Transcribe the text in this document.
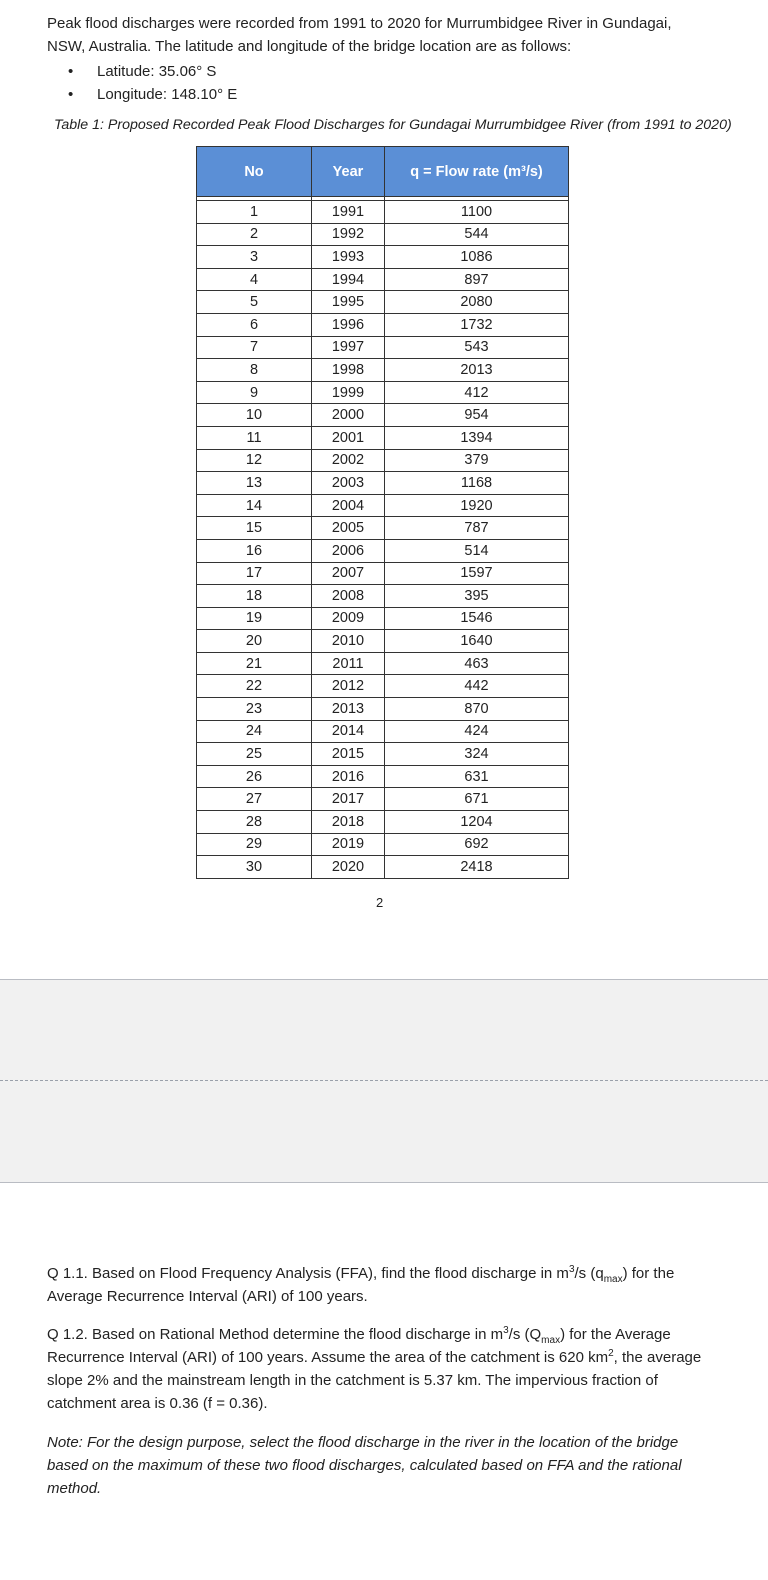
Peak flood discharges were recorded from 1991 to 2020 for Murrumbidgee River in Gundagai, NSW, Australia. The latitude and longitude of the bridge location are as follows:

• Latitude: 35.06° S
• Longitude: 148.10° E
Table 1: Proposed Recorded Peak Flood Discharges for Gundagai Murrumbidgee River (from 1991 to 2020)
No	Year	q = Flow rate (m³/s)

1	1991	1100
2	1992	544
3	1993	1086
4	1994	897
5	1995	2080
6	1996	1732
7	1997	543
8	1998	2013
9	1999	412
10	2000	954
11	2001	1394
12	2002	379
13	2003	1168
14	2004	1920
15	2005	787
16	2006	514
17	2007	1597
18	2008	395
19	2009	1546
20	2010	1640
21	2011	463
22	2012	442
23	2013	870
24	2014	424
25	2015	324
26	2016	631
27	2017	671
28	2018	1204
29	2019	692
30	2020	2418
2

Q 1.1. Based on Flood Frequency Analysis (FFA), find the flood discharge in $m^3/s$ $(q_{max})$ for the Average Recurrence Interval (ARI) of 100 years.

Q 1.2. Based on Rational Method determine the flood discharge in $m^3/s$ $(Q_{max})$ for the Average Recurrence Interval (ARI) of 100 years. Assume the area of the catchment is 620 $km^2$, the average slope 2% and the mainstream length in the catchment is 5.37 km. The impervious fraction of catchment area is 0.36 (f = 0.36).

Note: For the design purpose, select the flood discharge in the river in the location of the bridge based on the maximum of these two flood discharges, calculated based on FFA and the rational method.
